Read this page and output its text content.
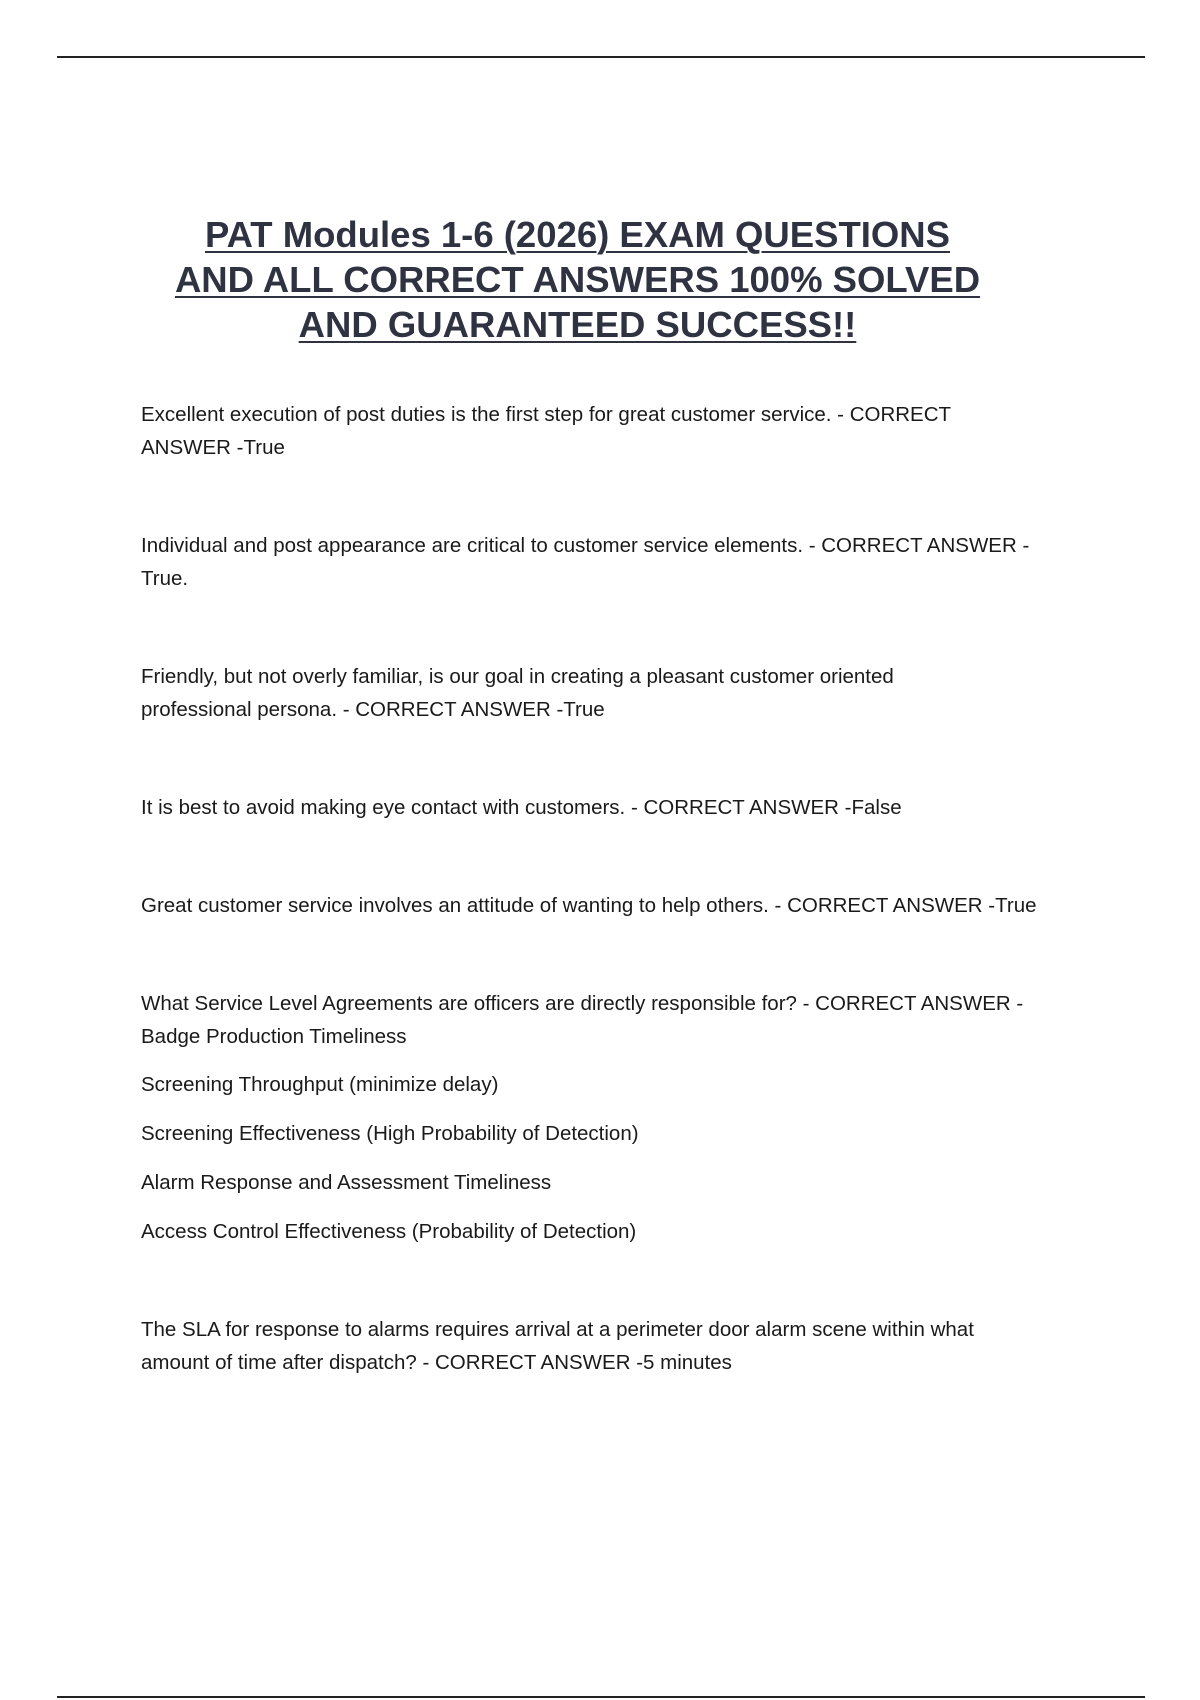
PAT Modules 1-6 (2026) EXAM QUESTIONS
AND ALL CORRECT ANSWERS 100% SOLVED
AND GUARANTEED SUCCESS!!

Excellent execution of post duties is the first step for great customer service. - CORRECT
ANSWER -True

Individual and post appearance are critical to customer service elements. - CORRECT ANSWER -
True.

Friendly, but not overly familiar, is our goal in creating a pleasant customer oriented
professional persona. - CORRECT ANSWER -True

It is best to avoid making eye contact with customers. - CORRECT ANSWER -False

Great customer service involves an attitude of wanting to help others. - CORRECT ANSWER -True

What Service Level Agreements are officers are directly responsible for? - CORRECT ANSWER -
Badge Production Timeliness

Screening Throughput (minimize delay)

Screening Effectiveness (High Probability of Detection)

Alarm Response and Assessment Timeliness

Access Control Effectiveness (Probability of Detection)

The SLA for response to alarms requires arrival at a perimeter door alarm scene within what
amount of time after dispatch? - CORRECT ANSWER -5 minutes
